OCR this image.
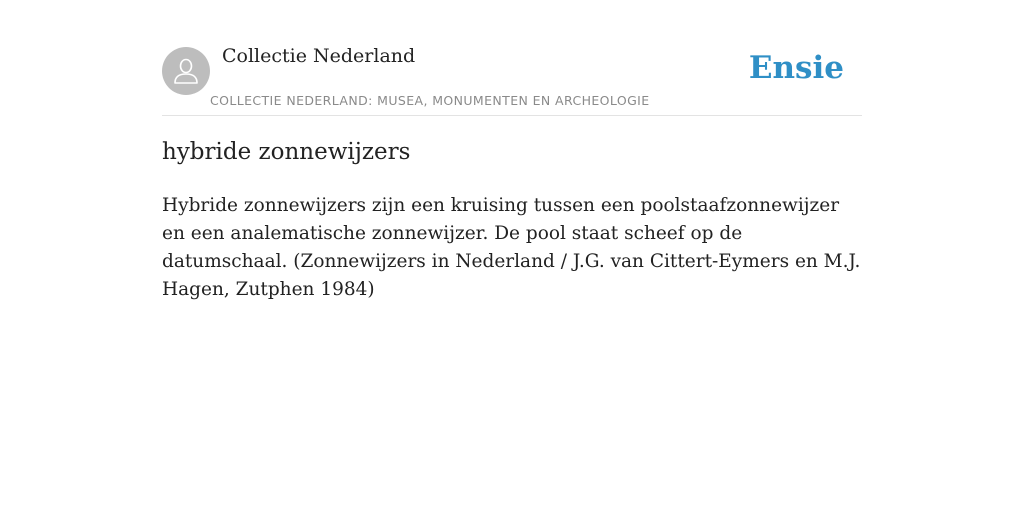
Collectie Nederland
COLLECTIE NEDERLAND: MUSEA, MONUMENTEN EN ARCHEOLOGIE
Ensie
hybride zonnewijzers

Hybride zonnewijzers zijn een kruising tussen een poolstaafzonnewijzer en een analematische zonnewijzer. De pool staat scheef op de datumschaal. (Zonnewijzers in Nederland / J.G. van Cittert-Eymers en M.J. Hagen, Zutphen 1984)
